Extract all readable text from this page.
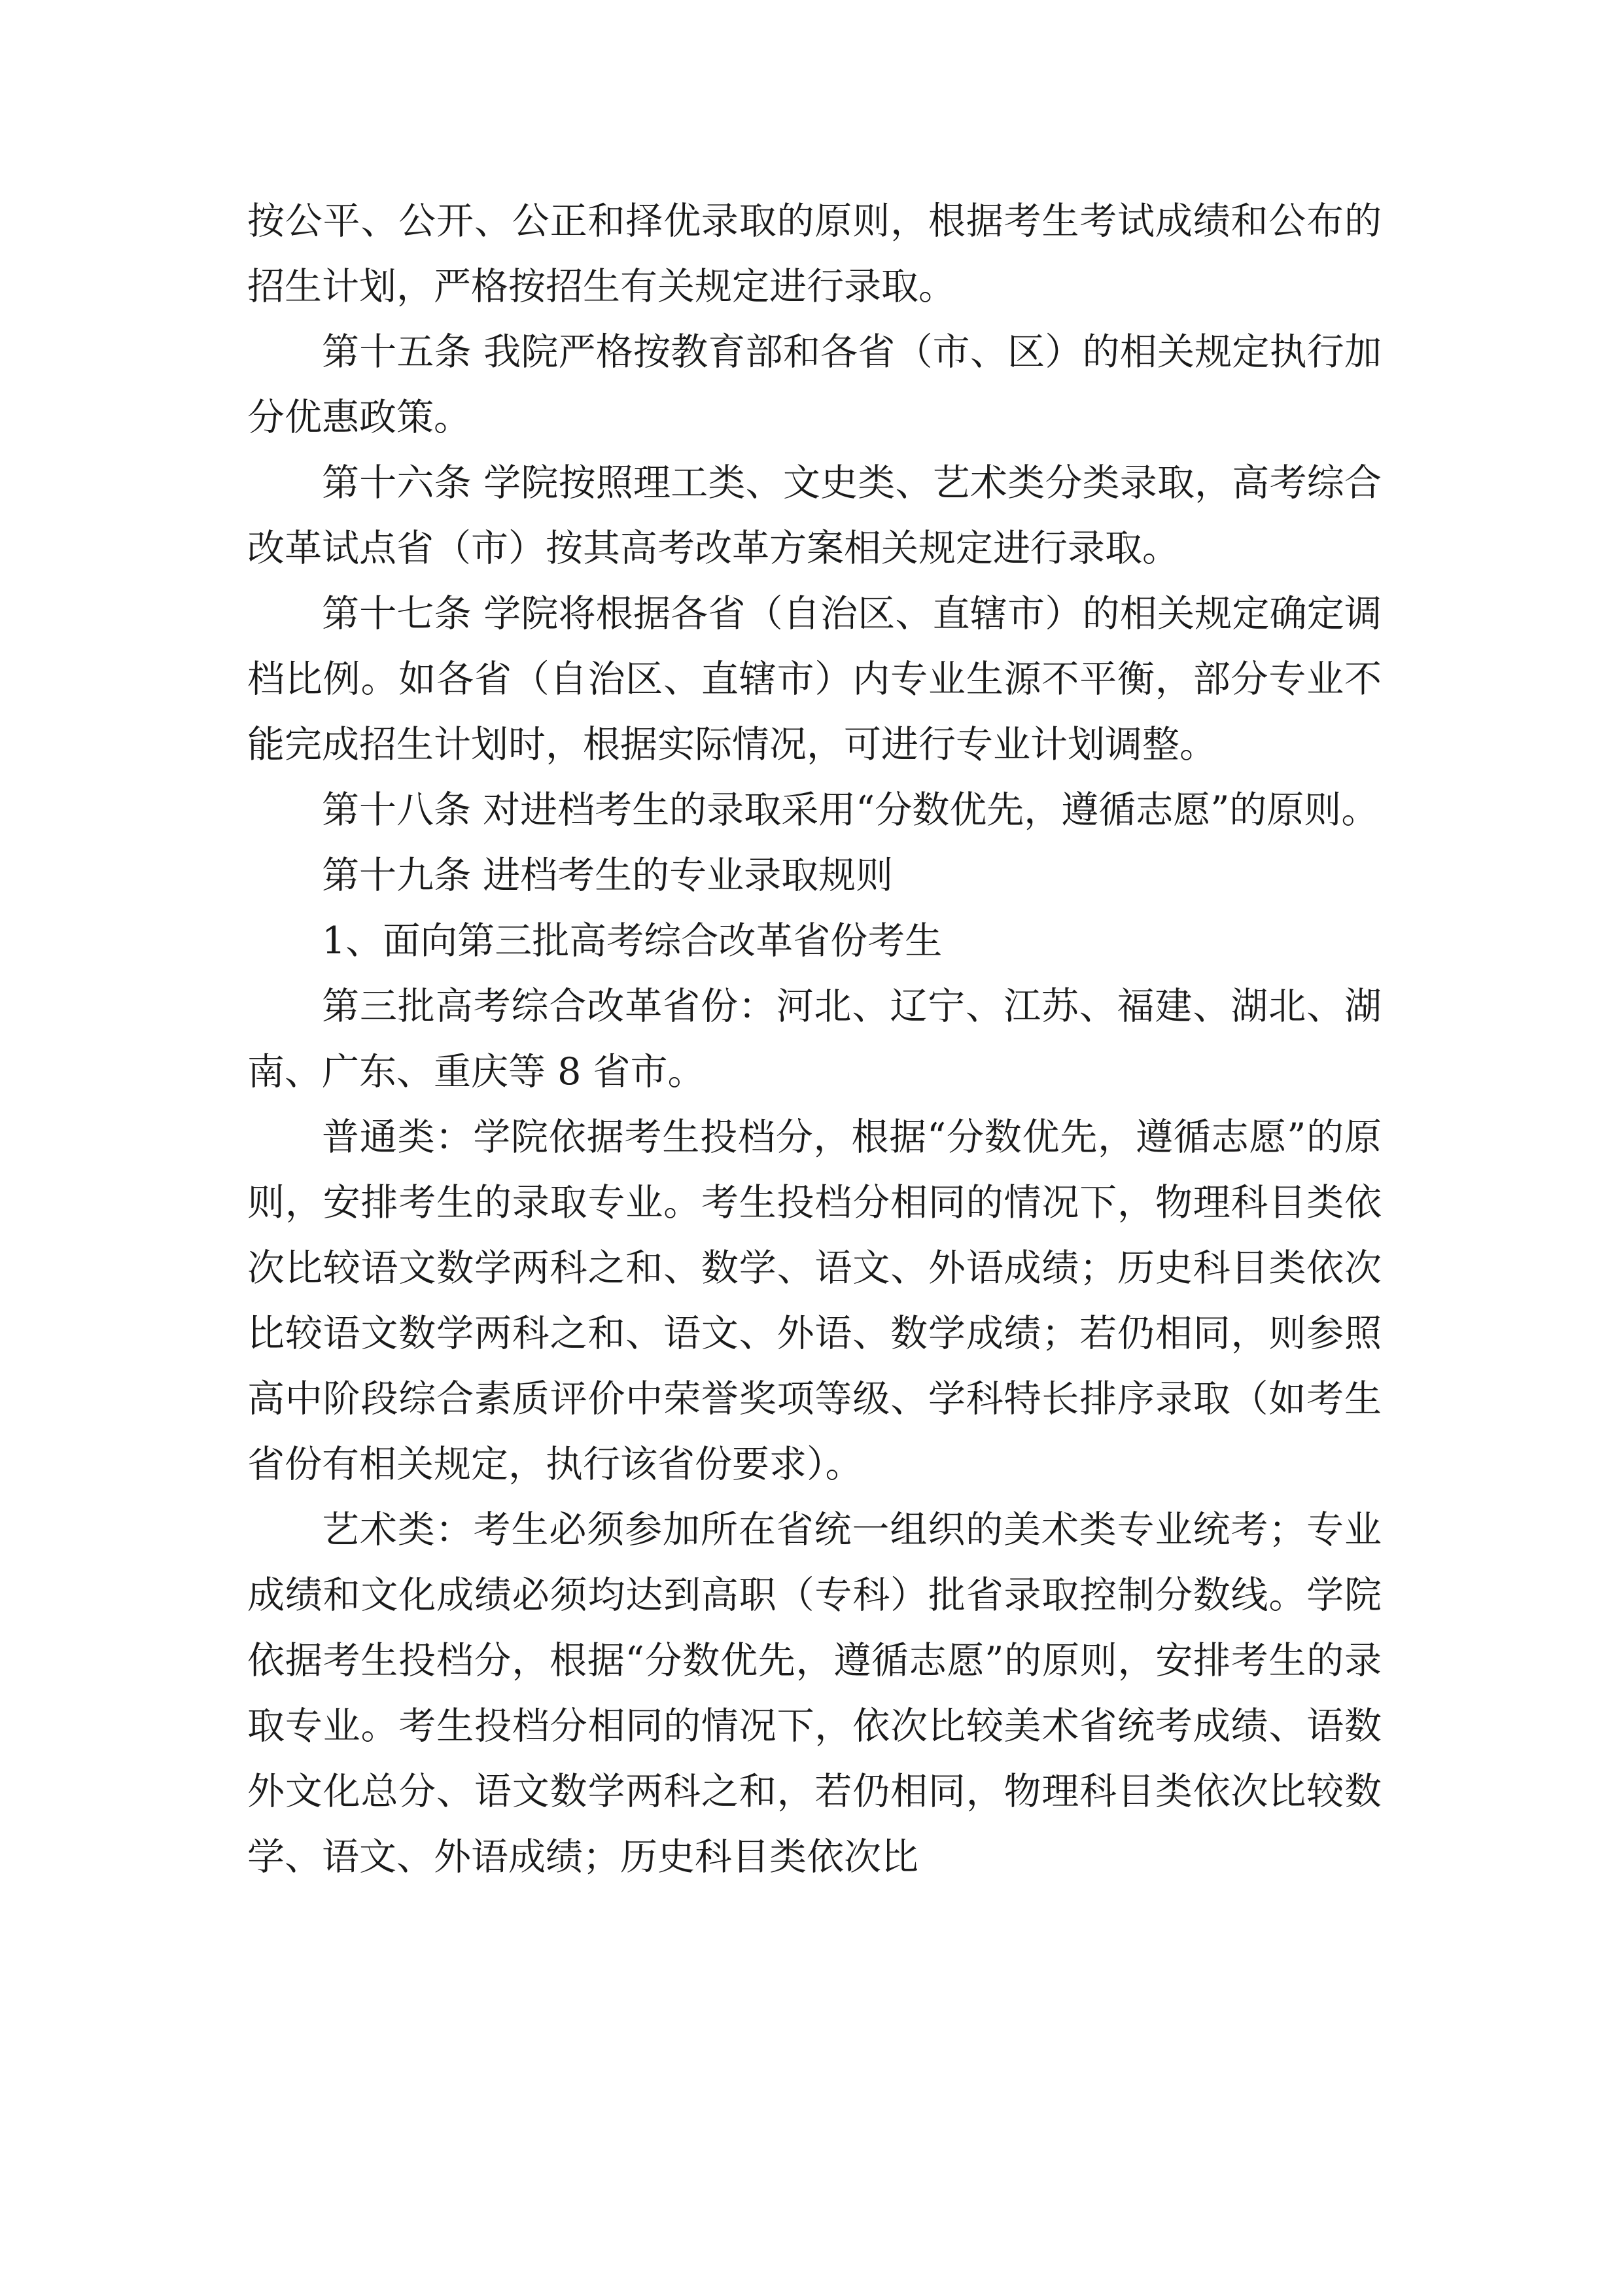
按公平、公开、公正和择优录取的原则，根据考生考试成绩和公布的招生计划，严格按招生有关规定进行录取。

第十五条 我院严格按教育部和各省（市、区）的相关规定执行加分优惠政策。

第十六条 学院按照理工类、文史类、艺术类分类录取，高考综合改革试点省（市）按其高考改革方案相关规定进行录取。

第十七条 学院将根据各省（自治区、直辖市）的相关规定确定调档比例。如各省（自治区、直辖市）内专业生源不平衡，部分专业不能完成招生计划时，根据实际情况，可进行专业计划调整。

第十八条 对进档考生的录取采用“分数优先，遵循志愿”的原则。

第十九条 进档考生的专业录取规则

1、面向第三批高考综合改革省份考生

第三批高考综合改革省份：河北、辽宁、江苏、福建、湖北、湖南、广东、重庆等 8 省市。

普通类：学院依据考生投档分，根据“分数优先，遵循志愿”的原则，安排考生的录取专业。考生投档分相同的情况下，物理科目类依次比较语文数学两科之和、数学、语文、外语成绩；历史科目类依次比较语文数学两科之和、语文、外语、数学成绩；若仍相同，则参照高中阶段综合素质评价中荣誉奖项等级、学科特长排序录取（如考生省份有相关规定，执行该省份要求）。

艺术类：考生必须参加所在省统一组织的美术类专业统考；专业成绩和文化成绩必须均达到高职（专科）批省录取控制分数线。学院依据考生投档分，根据“分数优先，遵循志愿”的原则，安排考生的录取专业。考生投档分相同的情况下，依次比较美术省统考成绩、语数外文化总分、语文数学两科之和，若仍相同，物理科目类依次比较数学、语文、外语成绩；历史科目类依次比
